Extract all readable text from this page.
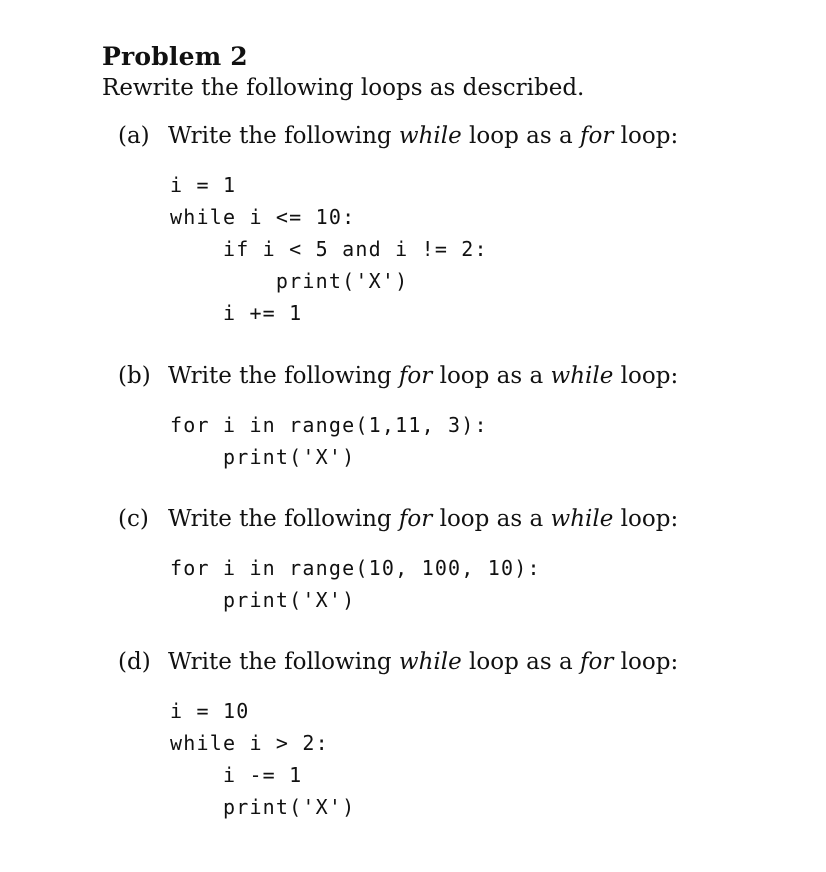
Problem 2
Rewrite the following loops as described.
(a) Write the following while loop as a for loop:
i = 1
while i <= 10:
if i < 5 and i != 2:
print('X')
i += 1
(b) Write the following for loop as a while loop:
for i in range(1,11, 3):
print('X')
(c) Write the following for loop as a while loop:
for i in range(10, 100, 10):
print('X')
(d) Write the following while loop as a for loop:
i = 10
while i > 2:
i -= 1
print('X')
